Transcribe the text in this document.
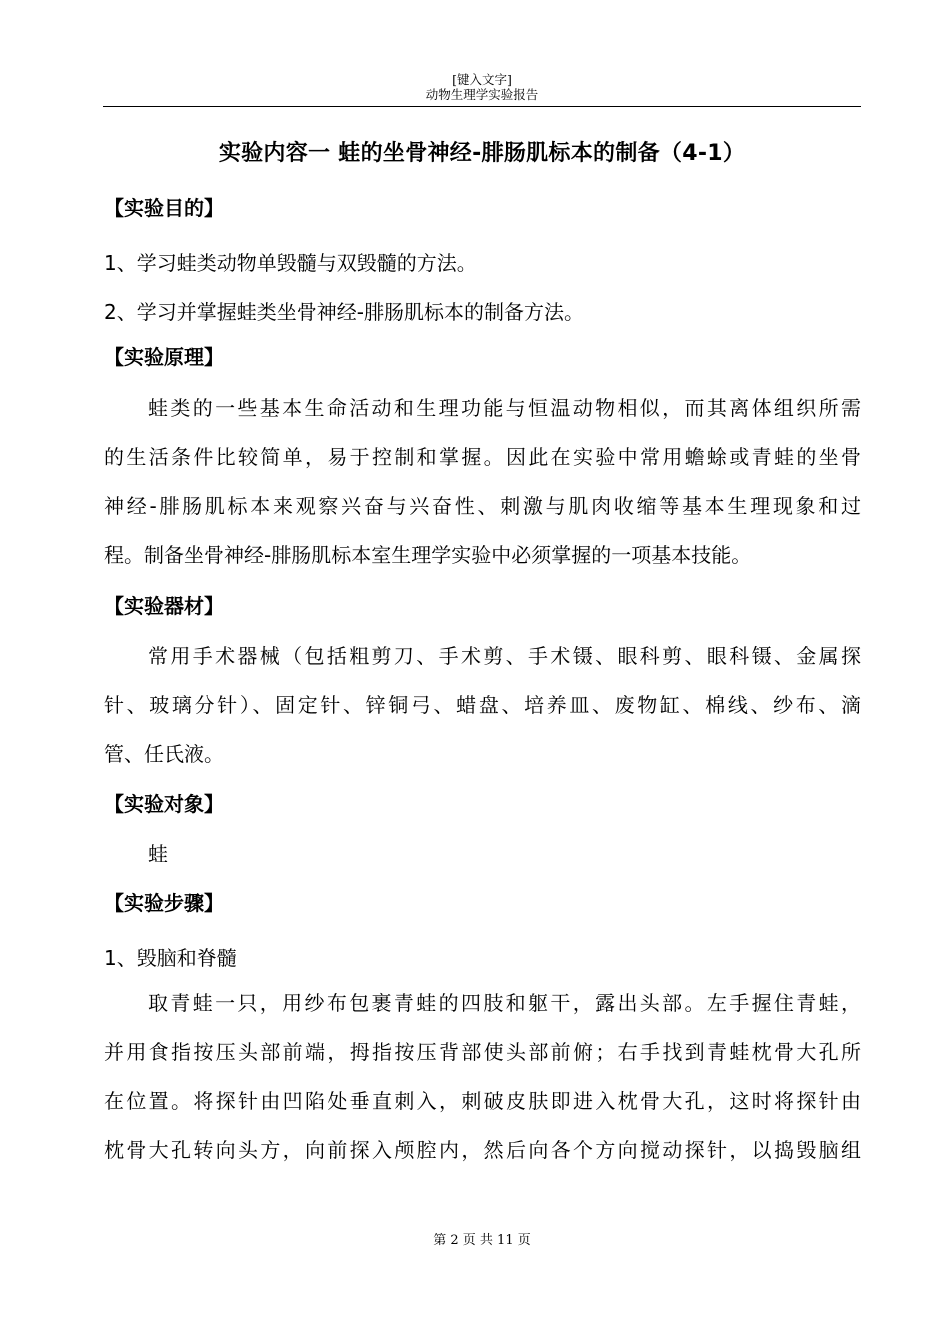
[键入文字]
动物生理学实验报告
实验内容一 蛙的坐骨神经-腓肠肌标本的制备（4-1）
【实验目的】
1、学习蛙类动物单毁髓与双毁髓的方法。
2、学习并掌握蛙类坐骨神经-腓肠肌标本的制备方法。
【实验原理】
蛙类的一些基本生命活动和生理功能与恒温动物相似，而其离体组织所需
的生活条件比较简单，易于控制和掌握。因此在实验中常用蟾蜍或青蛙的坐骨
神经-腓肠肌标本来观察兴奋与兴奋性、刺激与肌肉收缩等基本生理现象和过
程。制备坐骨神经-腓肠肌标本室生理学实验中必须掌握的一项基本技能。
【实验器材】
常用手术器械（包括粗剪刀、手术剪、手术镊、眼科剪、眼科镊、金属探
针、玻璃分针）、固定针、锌铜弓、蜡盘、培养皿、废物缸、棉线、纱布、滴
管、任氏液。
【实验对象】
蛙
【实验步骤】
1、毁脑和脊髓
取青蛙一只，用纱布包裹青蛙的四肢和躯干，露出头部。左手握住青蛙，
并用食指按压头部前端，拇指按压背部使头部前俯；右手找到青蛙枕骨大孔所
在位置。将探针由凹陷处垂直刺入，刺破皮肤即进入枕骨大孔，这时将探针由
枕骨大孔转向头方，向前探入颅腔内，然后向各个方向搅动探针，以捣毁脑组
第 2 页 共 11 页
